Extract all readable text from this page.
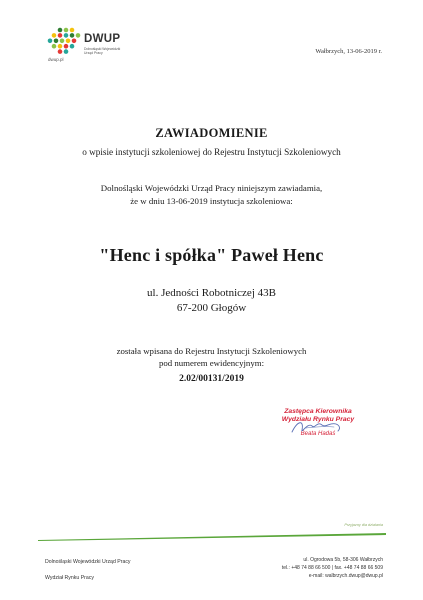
DWUP
Dolnośląski Wojewódzki Urząd Pracy
dwup.pl
Wałbrzych, 13-06-2019 r.
ZAWIADOMIENIE
o wpisie instytucji szkoleniowej do Rejestru Instytucji Szkoleniowych
Dolnośląski Wojewódzki Urząd Pracy niniejszym zawiadamia,
że w dniu 13-06-2019 instytucja szkoleniowa:
"Henc i spółka" Paweł Henc
ul. Jedności Robotniczej 43B
67-200 Głogów
została wpisana do Rejestru Instytucji Szkoleniowych
pod numerem ewidencyjnym:
2.02/00131/2019
Zastępca Kierownika
Wydziału Rynku Pracy
Beata Hadaś
Przyjazny dla działania
Dolnośląski Wojewódzki Urząd Pracy
Wydział Rynku Pracy
ul. Ogrodowa 5b, 58-306 Wałbrzych
tel.: +48 74 88 66 500 | fax. +48 74 88 66 509
e-mail: walbrzych.dwup@dwup.pl
